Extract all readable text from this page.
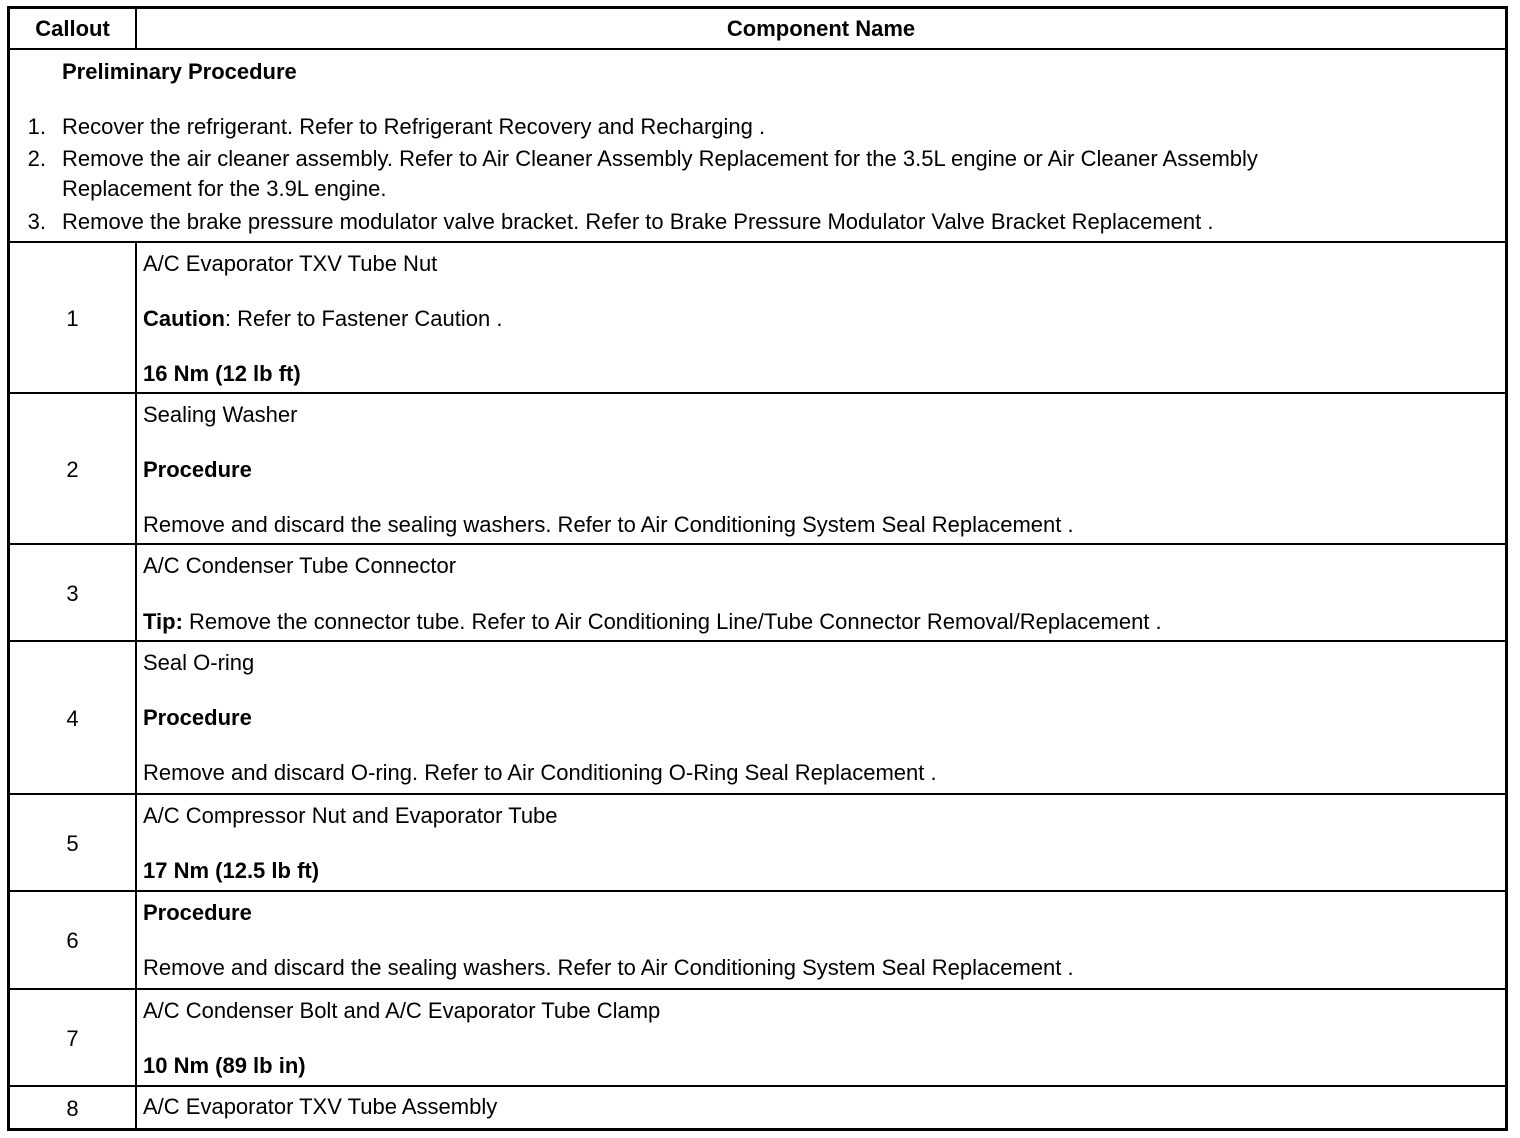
Callout	Component Name
Preliminary Procedure
1. Recover the refrigerant. Refer to Refrigerant Recovery and Recharging .
2. Remove the air cleaner assembly. Refer to Air Cleaner Assembly Replacement for the 3.5L engine or Air Cleaner Assembly
Replacement for the 3.9L engine.
3. Remove the brake pressure modulator valve bracket. Refer to Brake Pressure Modulator Valve Bracket Replacement .
1
A/C Evaporator TXV Tube Nut
Caution: Refer to Fastener Caution .
16 Nm (12 lb ft)
2
Sealing Washer
Procedure
Remove and discard the sealing washers. Refer to Air Conditioning System Seal Replacement .
3
A/C Condenser Tube Connector
Tip: Remove the connector tube. Refer to Air Conditioning Line/Tube Connector Removal/Replacement .
4
Seal O-ring
Procedure
Remove and discard O-ring. Refer to Air Conditioning O-Ring Seal Replacement .
5
A/C Compressor Nut and Evaporator Tube
17 Nm (12.5 lb ft)
6
Procedure
Remove and discard the sealing washers. Refer to Air Conditioning System Seal Replacement .
7
A/C Condenser Bolt and A/C Evaporator Tube Clamp
10 Nm (89 lb in)
8	A/C Evaporator TXV Tube Assembly
